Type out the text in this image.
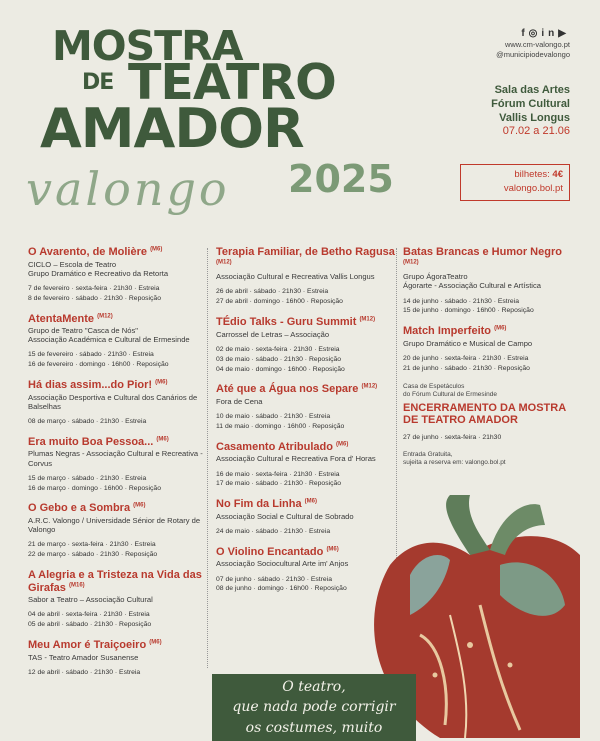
MOSTRA
DE TEATRO
AMADOR
valongo 2025
f◎in▶
www.cm-valongo.pt
@municipiodevalongo
Sala das Artes
Fórum Cultural
Vallis Longus
07.02 a 21.06
bilhetes: 4€
valongo.bol.pt
O Avarento, de Molière $^{(M6)}$
CICLO – Escola de Teatro
Grupo Dramático e Recreativo da Retorta
7 de fevereiro · sexta-feira · 21h30 · Estreia
8 de fevereiro · sábado · 21h30 · Reposição
AtentaMente $^{(M12)}$
Grupo de Teatro "Casca de Nós"
Associação Académica e Cultural de Ermesinde
15 de fevereiro · sábado · 21h30 · Estreia
16 de fevereiro · domingo · 16h00 · Reposição
Há dias assim...do Pior! $^{(M6)}$
Associação Desportiva e Cultural dos Canários de Balselhas
08 de março · sábado · 21h30 · Estreia
Era muito Boa Pessoa... $^{(M6)}$
Plumas Negras - Associação Cultural e Recreativa - Corvus
15 de março · sábado · 21h30 · Estreia
16 de março · domingo · 16h00 · Reposição
O Gebo e a Sombra $^{(M6)}$
A.R.C. Valongo / Universidade Sénior de Rotary de Valongo
21 de março · sexta-feira · 21h30 · Estreia
22 de março · sábado · 21h30 · Reposição
A Alegria e a Tristeza na Vida das Girafas $^{(M16)}$
Sabor a Teatro – Associação Cultural
04 de abril · sexta-feira · 21h30 · Estreia
05 de abril · sábado · 21h30 · Reposição
Meu Amor é Traiçoeiro $^{(M6)}$
TAS - Teatro Amador Susanense
12 de abril · sábado · 21h30 · Estreia
Terapia Familiar, de Betho Ragusa $^{(M12)}$
Associação Cultural e Recreativa Vallis Longus
26 de abril · sábado · 21h30 · Estreia
27 de abril · domingo · 16h00 · Reposição
TÉdio Talks - Guru Summit $^{(M12)}$
Carrossel de Letras – Associação
02 de maio · sexta-feira · 21h30 · Estreia
03 de maio · sábado · 21h30 · Reposição
04 de maio · domingo · 16h00 · Reposição
Até que a Água nos Separe $^{(M12)}$
Fora de Cena
10 de maio · sábado · 21h30 · Estreia
11 de maio · domingo · 16h00 · Reposição
Casamento Atribulado $^{(M6)}$
Associação Cultural e Recreativa Fora d' Horas
16 de maio · sexta-feira · 21h30 · Estreia
17 de maio · sábado · 21h30 · Reposição
No Fim da Linha $^{(M6)}$
Associação Social e Cultural de Sobrado
24 de maio · sábado · 21h30 · Estreia
O Violino Encantado $^{(M6)}$
Associação Sociocultural Arte im' Anjos
07 de junho · sábado · 21h30 · Estreia
08 de junho · domingo · 16h00 · Reposição
Batas Brancas e Humor Negro $^{(M12)}$
Grupo ÁgoraTeatro
Ágorarte - Associação Cultural e Artística
14 de junho · sábado · 21h30 · Estreia
15 de junho · domingo · 16h00 · Reposição
Match Imperfeito $^{(M6)}$
Grupo Dramático e Musical de Campo
20 de junho · sexta-feira · 21h30 · Estreia
21 de junho · sábado · 21h30 · Reposição
Casa de Espetáculos
do Fórum Cultural de Ermesinde
ENCERRAMENTO DA MOSTRA DE TEATRO AMADOR
27 de junho · sexta-feira · 21h30
Entrada Gratuita,
sujeita a reserva em: valongo.bol.pt
O teatro,
que nada pode corrigir
os costumes, muito
